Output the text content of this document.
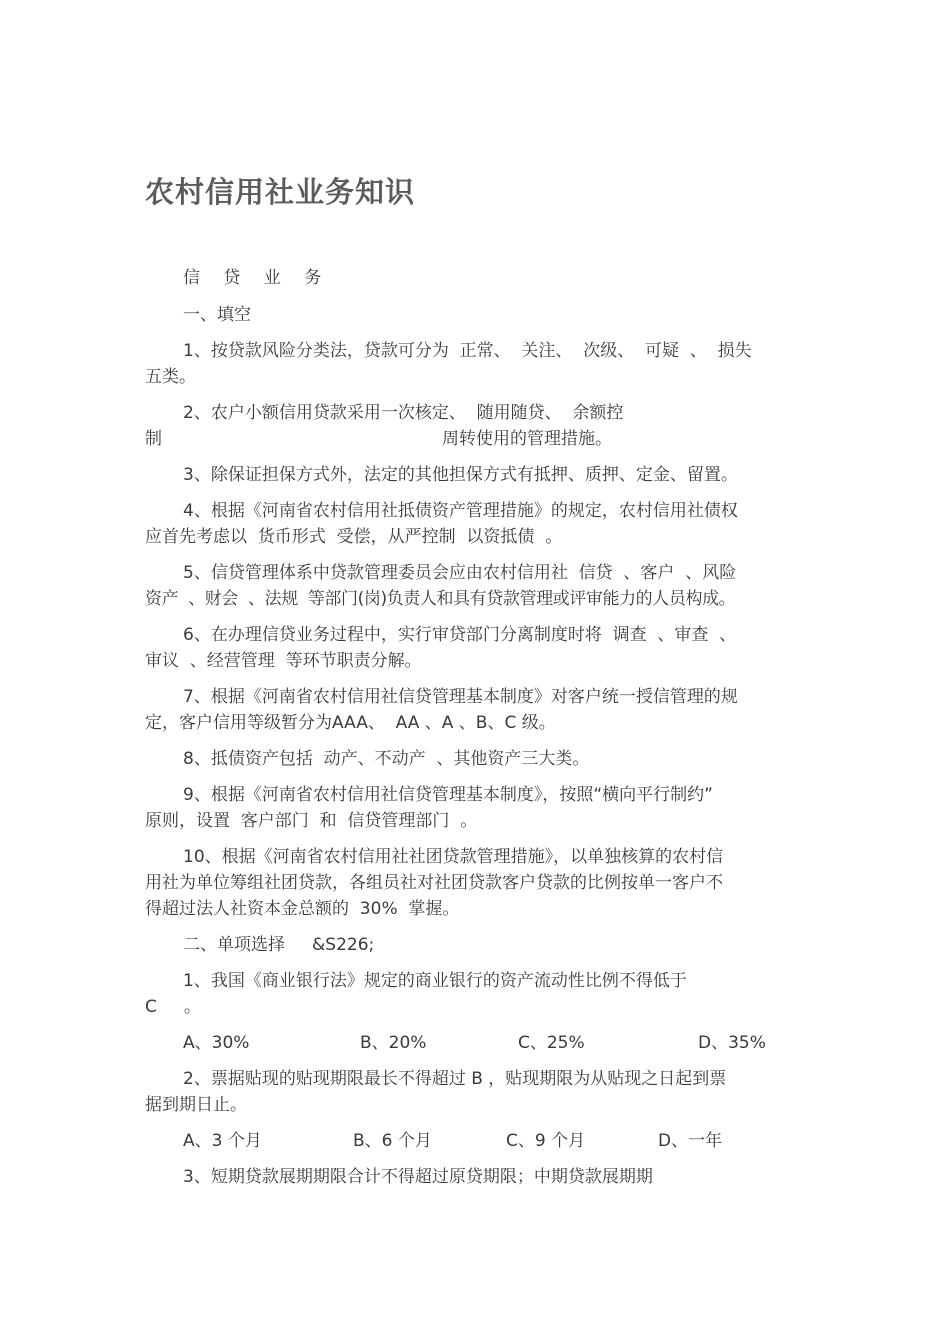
农村信用社业务知识
信 贷 业 务
一、填空
1、按贷款风险分类法，贷款可分为  正常、  关注、  次级、  可疑  、  损失
五类。
2、农户小额信用贷款采用一次核定、  随用随贷、  余额控
制	周转使用的管理措施。
3、除保证担保方式外，法定的其他担保方式有抵押、质押、定金、留置。
4、根据《河南省农村信用社抵债资产管理措施》的规定，农村信用社债权
应首先考虑以  货币形式  受偿，从严控制  以资抵债  。
5、信贷管理体系中贷款管理委员会应由农村信用社  信贷  、客户  、风险
资产  、财会  、法规  等部门(岗)负责人和具有贷款管理或评审能力的人员构成。
6、在办理信贷业务过程中，实行审贷部门分离制度时将  调查  、审查  、
审议  、经营管理  等环节职责分解。
7、根据《河南省农村信用社信贷管理基本制度》对客户统一授信管理的规
定，客户信用等级暂分为AAA、  AA 、A 、B、C 级。
8、抵债资产包括  动产、不动产  、其他资产三大类。
9、根据《河南省农村信用社信贷管理基本制度》，按照“横向平行制约”
原则，设置  客户部门  和  信贷管理部门  。
10、根据《河南省农村信用社社团贷款管理措施》，以单独核算的农村信
用社为单位筹组社团贷款，各组员社对社团贷款客户贷款的比例按单一客户不
得超过法人社资本金总额的  30%  掌握。
二、单项选择     &S226;
1、我国《商业银行法》规定的商业银行的资产流动性比例不得低于
C     。
A、30%	B、20%	C、25%	D、35%
2、票据贴现的贴现期限最长不得超过 B ，贴现期限为从贴现之日起到票
据到期日止。
A、3 个月	B、6 个月	C、9 个月	D、一年
3、短期贷款展期期限合计不得超过原贷期限；中期贷款展期期
